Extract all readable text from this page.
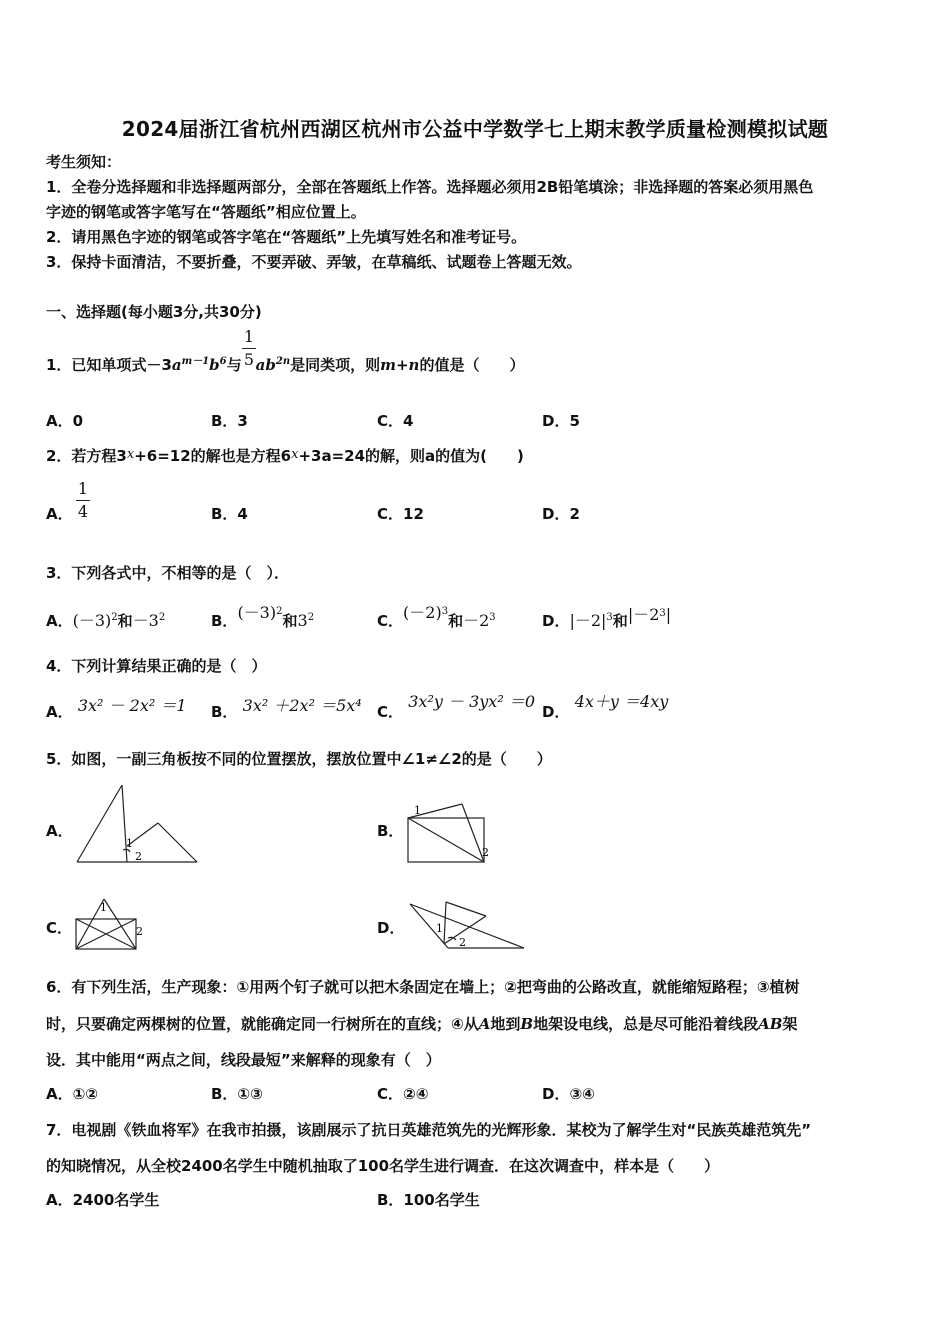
2024届浙江省杭州西湖区杭州市公益中学数学七上期末教学质量检测模拟试题
考生须知：
1．全卷分选择题和非选择题两部分，全部在答题纸上作答。选择题必须用2B铅笔填涂；非选择题的答案必须用黑色
字迹的钢笔或答字笔写在“答题纸”相应位置上。
2．请用黑色字迹的钢笔或答字笔在“答题纸”上先填写姓名和准考证号。
3．保持卡面清洁，不要折叠，不要弄破、弄皱，在草稿纸、试题卷上答题无效。
一、选择题(每小题3分,共30分)
1．已知单项式$-3a^{m-1}b^6$与 $ab^{2n}$是同类项，则m+n的值是（　　）
1
5
A．0	B．3	C．4	D．5
2．若方程3x+6=12的解也是方程6x+3a=24的解，则a的值为(　　)
A．
1
4	B．4	C．12	D．2
3．下列各式中，不相等的是（　）．
A．$(-3)^2$和$-3^2$	B．$(-3)^2$和$3^2$	C．$(-2)^3$和$-2^3$	D．$|-2|^3$和$|-2^3|$
4．下列计算结果正确的是（　）
A． 3x² － 2x² ＝1 B． 3x² ＋2x² ＝5x⁴ C． 3x²y － 3yx² ＝0
D． 4x＋y ＝4xy
5．如图，一副三角板按不同的位置摆放，摆放位置中∠1≠∠2的是（　　）
A．
1
2
B．
1
2
C．
1
2	D．	1
2
6．有下列生活，生产现象：①用两个钉子就可以把木条固定在墙上；②把弯曲的公路改直，就能缩短路程；③植树
时，只要确定两棵树的位置，就能确定同一行树所在的直线；④从A地到B地架设电线，总是尽可能沿着线段AB架
设．其中能用“两点之间，线段最短”来解释的现象有（　）
A．①②	B．①③	C．②④	D．③④
7．电视剧《铁血将军》在我市拍摄，该剧展示了抗日英雄范筑先的光辉形象．某校为了解学生对“民族英雄范筑先”
的知晓情况，从全校2400名学生中随机抽取了100名学生进行调查．在这次调查中，样本是（　　）
A．2400名学生	B．100名学生
